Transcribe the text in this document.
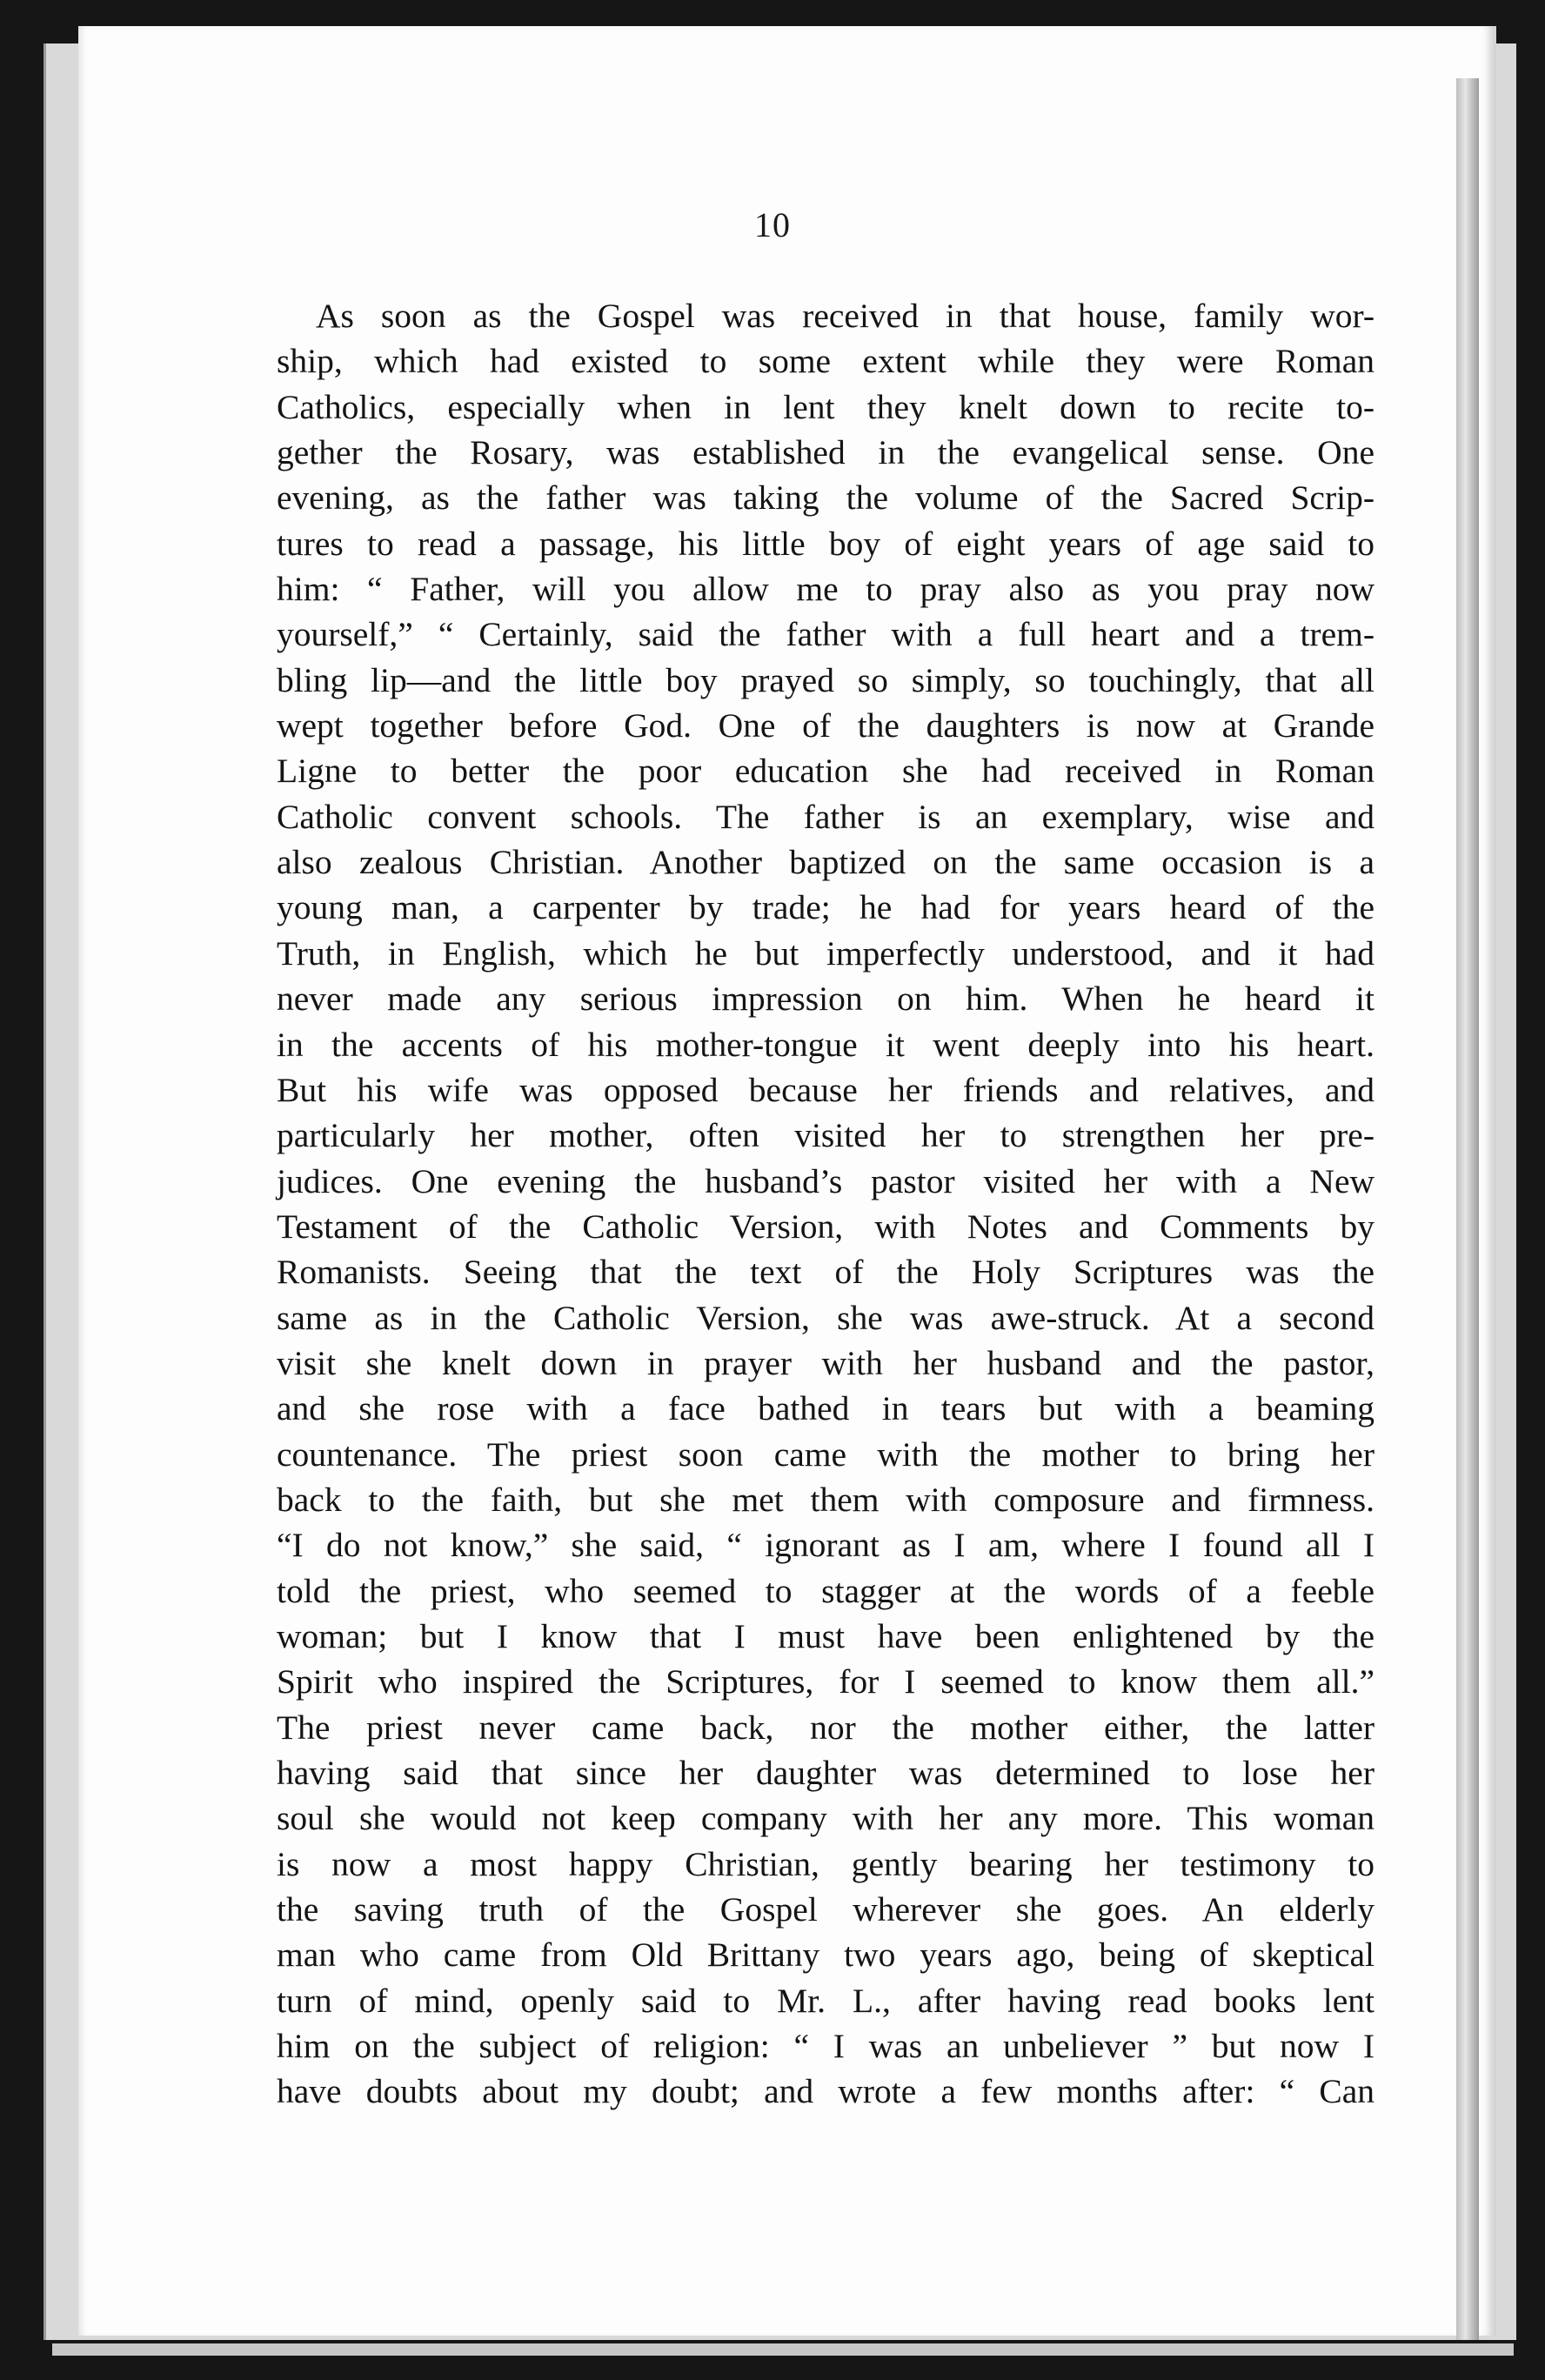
10
As soon as the Gospel was received in that house, family wor-
ship, which had existed to some extent while they were Roman
Catholics, especially when in lent they knelt down to recite to-
gether the Rosary, was established in the evangelical sense. One
evening, as the father was taking the volume of the Sacred Scrip-
tures to read a passage, his little boy of eight years of age said to
him: “ Father, will you allow me to pray also as you pray now
yourself,” “ Certainly, said the father with a full heart and a trem-
bling lip—and the little boy prayed so simply, so touchingly, that all
wept together before God. One of the daughters is now at Grande
Ligne to better the poor education she had received in Roman
Catholic convent schools. The father is an exemplary, wise and
also zealous Christian. Another baptized on the same occasion is a
young man, a carpenter by trade; he had for years heard of the
Truth, in English, which he but imperfectly understood, and it had
never made any serious impression on him. When he heard it
in the accents of his mother-tongue it went deeply into his heart.
But his wife was opposed because her friends and relatives, and
particularly her mother, often visited her to strengthen her pre-
judices. One evening the husband’s pastor visited her with a New
Testament of the Catholic Version, with Notes and Comments by
Romanists. Seeing that the text of the Holy Scriptures was the
same as in the Catholic Version, she was awe-struck. At a second
visit she knelt down in prayer with her husband and the pastor,
and she rose with a face bathed in tears but with a beaming
countenance. The priest soon came with the mother to bring her
back to the faith, but she met them with composure and firmness.
“I do not know,” she said, “ ignorant as I am, where I found all I
told the priest, who seemed to stagger at the words of a feeble
woman; but I know that I must have been enlightened by the
Spirit who inspired the Scriptures, for I seemed to know them all.”
The priest never came back, nor the mother either, the latter
having said that since her daughter was determined to lose her
soul she would not keep company with her any more. This woman
is now a most happy Christian, gently bearing her testimony to
the saving truth of the Gospel wherever she goes. An elderly
man who came from Old Brittany two years ago, being of skeptical
turn of mind, openly said to Mr. L., after having read books lent
him on the subject of religion: “ I was an unbeliever ” but now I
have doubts about my doubt; and wrote a few months after: “ Can
